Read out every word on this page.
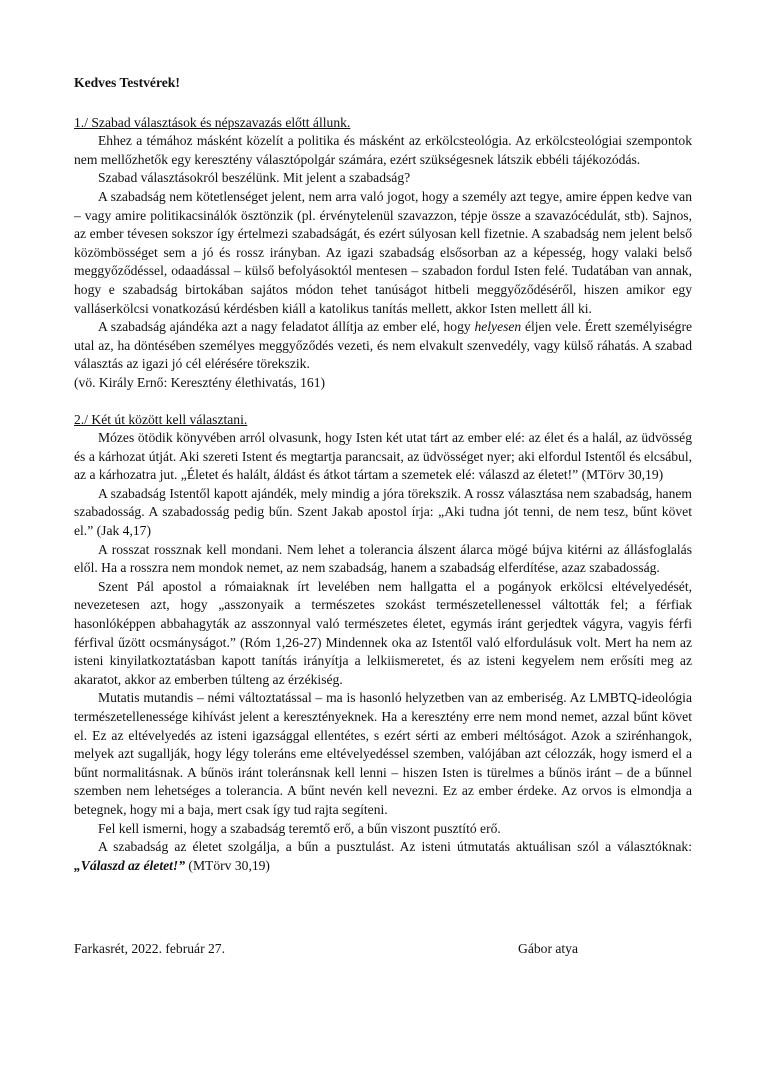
Kedves Testvérek!

1./ Szabad választások és népszavazás előtt állunk.

Ehhez a témához másként közelít a politika és másként az erkölcsteológia. Az erkölcsteológiai szempontok nem mellőzhetők egy keresztény választópolgár számára, ezért szükségesnek látszik ebbéli tájékozódás.

Szabad választásokról beszélünk. Mit jelent a szabadság?

A szabadság nem kötetlenséget jelent, nem arra való jogot, hogy a személy azt tegye, amire éppen kedve van – vagy amire politikacsinálók ösztönzik (pl. érvénytelenül szavazzon, tépje össze a szavazócédulát, stb). Sajnos, az ember tévesen sokszor így értelmezi szabadságát, és ezért súlyosan kell fizetnie. A szabadság nem jelent belső közömbösséget sem a jó és rossz irányban. Az igazi szabadság elsősorban az a képesség, hogy valaki belső meggyőződéssel, odaadással – külső befolyásoktól mentesen – szabadon fordul Isten felé. Tudatában van annak, hogy e szabadság birtokában sajátos módon tehet tanúságot hitbeli meggyőződéséről, hiszen amikor egy valláserkölcsi vonatkozású kérdésben kiáll a katolikus tanítás mellett, akkor Isten mellett áll ki.

A szabadság ajándéka azt a nagy feladatot állítja az ember elé, hogy helyesen éljen vele. Érett személyiségre utal az, ha döntésében személyes meggyőződés vezeti, és nem elvakult szenvedély, vagy külső ráhatás. A szabad választás az igazi jó cél elérésére törekszik.

(vö. Király Ernő: Keresztény élethivatás, 161)

2./ Két út között kell választani.

Mózes ötödik könyvében arról olvasunk, hogy Isten két utat tárt az ember elé: az élet és a halál, az üdvösség és a kárhozat útját. Aki szereti Istent és megtartja parancsait, az üdvösséget nyer; aki elfordul Istentől és elcsábul, az a kárhozatra jut. „Életet és halált, áldást és átkot tártam a szemetek elé: válaszd az életet!” (MTörv 30,19)

A szabadság Istentől kapott ajándék, mely mindig a jóra törekszik. A rossz választása nem szabadság, hanem szabadosság. A szabadosság pedig bűn. Szent Jakab apostol írja: „Aki tudna jót tenni, de nem tesz, bűnt követ el.” (Jak 4,17)

A rosszat rossznak kell mondani. Nem lehet a tolerancia álszent álarca mögé bújva kitérni az állásfoglalás elől. Ha a rosszra nem mondok nemet, az nem szabadság, hanem a szabadság elferdítése, azaz szabadosság.

Szent Pál apostol a rómaiaknak írt levelében nem hallgatta el a pogányok erkölcsi eltévelyedését, nevezetesen azt, hogy „asszonyaik a természetes szokást természetellenessel váltották fel; a férfiak hasonlóképpen abbahagyták az asszonnyal való természetes életet, egymás iránt gerjedtek vágyra, vagyis férfi férfival űzött ocsmányságot.” (Róm 1,26-27) Mindennek oka az Istentől való elfordulásuk volt. Mert ha nem az isteni kinyilatkoztatásban kapott tanítás irányítja a lelkiismeretet, és az isteni kegyelem nem erősíti meg az akaratot, akkor az emberben túlteng az érzékiség.

Mutatis mutandis – némi változtatással – ma is hasonló helyzetben van az emberiség. Az LMBTQ-ideológia természetellenessége kihívást jelent a keresztényeknek. Ha a keresztény erre nem mond nemet, azzal bűnt követ el. Ez az eltévelyedés az isteni igazsággal ellentétes, s ezért sérti az emberi méltóságot. Azok a szirénhangok, melyek azt sugallják, hogy légy toleráns eme eltévelyedéssel szemben, valójában azt célozzák, hogy ismerd el a bűnt normalitásnak. A bűnös iránt toleránsnak kell lenni – hiszen Isten is türelmes a bűnös iránt – de a bűnnel szemben nem lehetséges a tolerancia. A bűnt nevén kell nevezni. Ez az ember érdeke. Az orvos is elmondja a betegnek, hogy mi a baja, mert csak így tud rajta segíteni.

Fel kell ismerni, hogy a szabadság teremtő erő, a bűn viszont pusztító erő.

A szabadság az életet szolgálja, a bűn a pusztulást. Az isteni útmutatás aktuálisan szól a választóknak: „Válaszd az életet!” (MTörv 30,19)

Farkasrét, 2022. február 27.	Gábor atya
